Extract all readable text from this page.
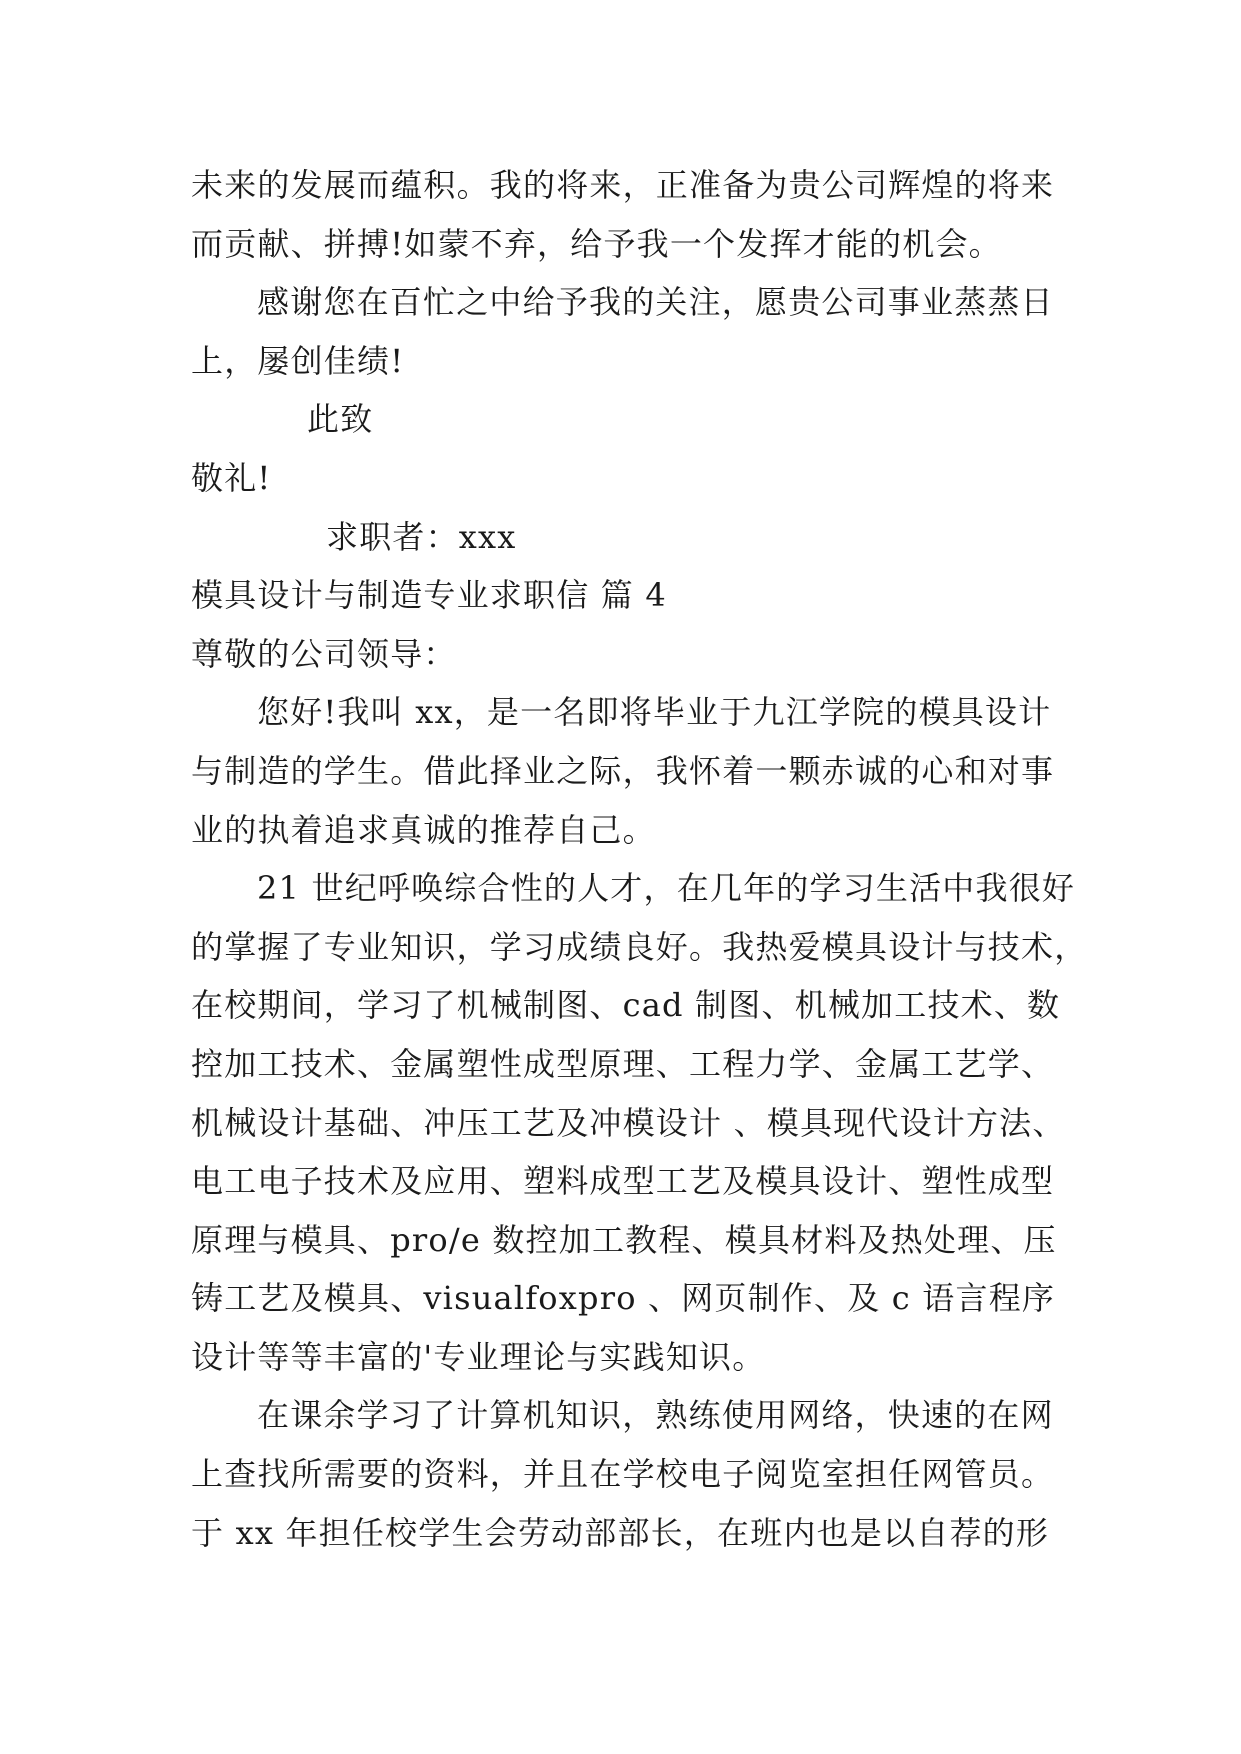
未来的发展而蕴积。我的将来，正准备为贵公司辉煌的将来
而贡献、拼搏!如蒙不弃，给予我一个发挥才能的机会。
感谢您在百忙之中给予我的关注，愿贵公司事业蒸蒸日
上，屡创佳绩!
此致
敬礼!
求职者：xxx
模具设计与制造专业求职信 篇 4
尊敬的公司领导：
您好!我叫 xx，是一名即将毕业于九江学院的模具设计
与制造的学生。借此择业之际，我怀着一颗赤诚的心和对事
业的执着追求真诚的推荐自己。
21 世纪呼唤综合性的人才，在几年的学习生活中我很好
的掌握了专业知识，学习成绩良好。我热爱模具设计与技术，
在校期间，学习了机械制图、cad 制图、机械加工技术、数
控加工技术、金属塑性成型原理、工程力学、金属工艺学、
机械设计基础、冲压工艺及冲模设计 、模具现代设计方法、
电工电子技术及应用、塑料成型工艺及模具设计、塑性成型
原理与模具、pro/e 数控加工教程、模具材料及热处理、压
铸工艺及模具、visualfoxpro 、网页制作、及 c 语言程序
设计等等丰富的'专业理论与实践知识。
在课余学习了计算机知识，熟练使用网络，快速的在网
上查找所需要的资料，并且在学校电子阅览室担任网管员。
于 xx 年担任校学生会劳动部部长，在班内也是以自荐的形
